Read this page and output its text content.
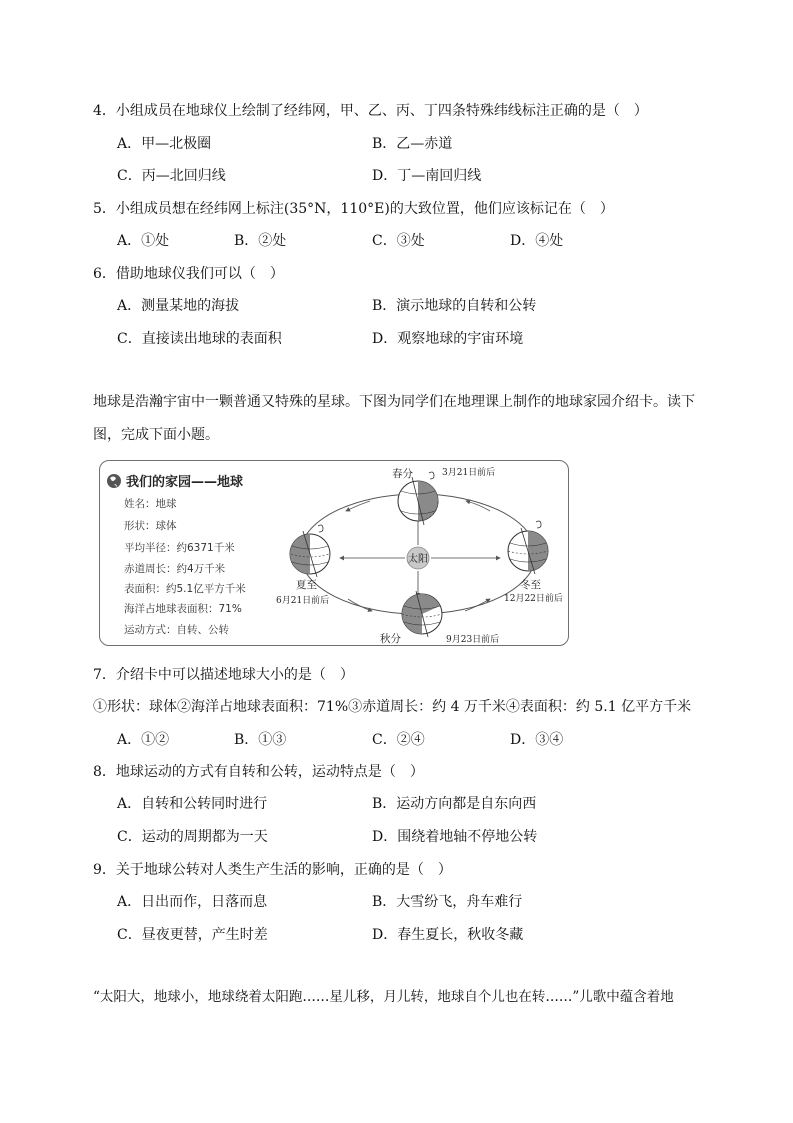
4．小组成员在地球仪上绘制了经纬网，甲、乙、丙、丁四条特殊纬线标注正确的是（　）
A．甲—北极圈	B．乙—赤道
C．丙—北回归线	D．丁—南回归线
5．小组成员想在经纬网上标注(35°N，110°E)的大致位置，他们应该标记在（　）
A．①处	B．②处	C．③处	D．④处
6．借助地球仪我们可以（　）
A．测量某地的海拔	B．演示地球的自转和公转
C．直接读出地球的表面积	D．观察地球的宇宙环境
地球是浩瀚宇宙中一颗普通又特殊的星球。下图为同学们在地理课上制作的地球家园介绍卡。读下
图，完成下面小题。
我们的家园——地球
姓名：地球
形状：球体
平均半径：约6371千米
赤道周长：约4万千米
表面积：约5.1亿平方千米
海洋占地球表面积：71%
运动方式：自转、公转
太阳
春分	3月21日前后
夏至
6月21日前后
秋分	9月23日前后
冬至
12月22日前后
7．介绍卡中可以描述地球大小的是（　）
①形状：球体②海洋占地球表面积：71%③赤道周长：约 4 万千米④表面积：约 5.1 亿平方千米
A．①②	B．①③	C．②④	D．③④
8．地球运动的方式有自转和公转，运动特点是（　）
A．自转和公转同时进行	B．运动方向都是自东向西
C．运动的周期都为一天	D．围绕着地轴不停地公转
9．关于地球公转对人类生产生活的影响，正确的是（　）
A．日出而作，日落而息	B．大雪纷飞，舟车难行
C．昼夜更替，产生时差	D．春生夏长，秋收冬藏
“太阳大，地球小，地球绕着太阳跑……星儿移，月儿转，地球自个儿也在转……”儿歌中蕴含着地
